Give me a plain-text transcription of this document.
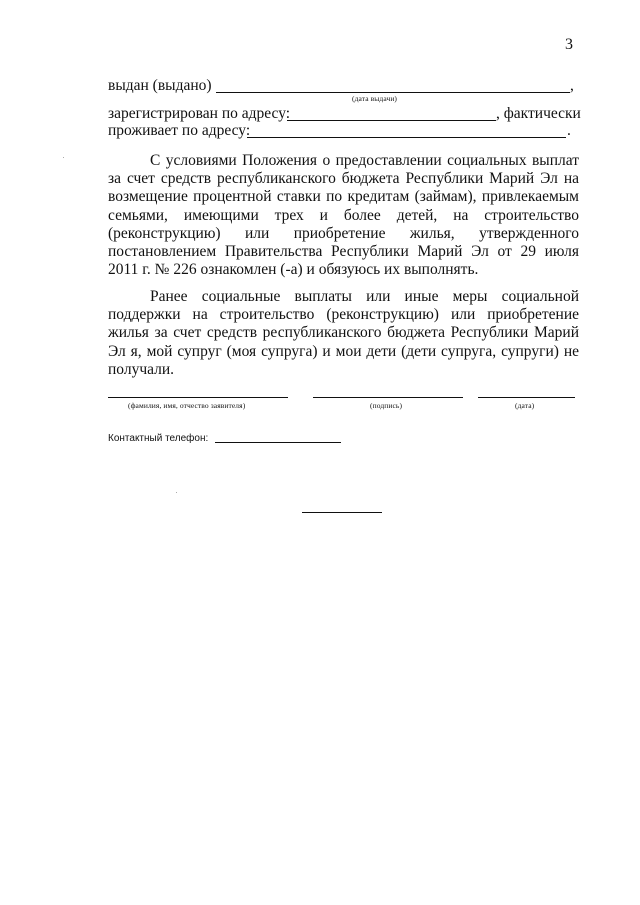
3
выдан (выдано)	,
(дата выдачи)
зарегистрирован по адресу:	, фактически
проживает по адресу:	.
С условиями Положения о предоставлении социальных выплат за счет средств республиканского бюджета Республики Марий Эл на возмещение процентной ставки по кредитам (займам), привлекаемым семьями, имеющими трех и более детей, на строительство (реконструкцию) или приобретение жилья, утвержденного постановлением Правительства Республики Марий Эл от 29 июля 2011 г. № 226 ознакомлен (-а) и обязуюсь их выполнять.
Ранее социальные выплаты или иные меры социальной поддержки на строительство (реконструкцию) или приобретение жилья за счет средств республиканского бюджета Республики Марий Эл я, мой супруг (моя супруга) и мои дети (дети супруга, супруги) не получали.
(фамилия, имя, отчество заявителя)	(подпись)	(дата)
Контактный телефон:
